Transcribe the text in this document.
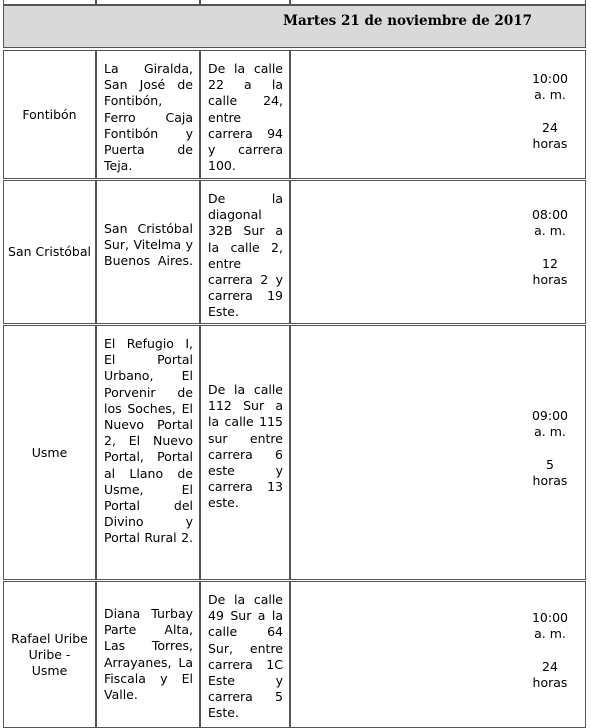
Martes 21 de noviembre de 2017
Fontibón
La Giralda, San José de Fontibón, Ferro Caja Fontibón y Puerta de Teja.
De la calle 22 a la calle 24, entre carrera 94 y carrera 100.
10:00
a. m.
24
horas
San Cristóbal
San Cristóbal Sur, Vitelma y Buenos Aires.
De la diagonal 32B Sur a la calle 2, entre carrera 2 y carrera 19 Este.
08:00
a. m.
12
horas
Usme
El Refugio I, El Portal Urbano, El Porvenir de los Soches, El Nuevo Portal 2, El Nuevo Portal, Portal al Llano de Usme, El Portal del Divino y Portal Rural 2.
De la calle 112 Sur a la calle 115 sur entre carrera 6 este y carrera 13 este.
09:00
a. m.
5
horas
Rafael Uribe Uribe - Usme
Diana Turbay Parte Alta, Las Torres, Arrayanes, La Fiscala y El Valle.
De la calle 49 Sur a la calle 64 Sur, entre carrera 1C Este y carrera 5 Este.
10:00
a. m.
24
horas
